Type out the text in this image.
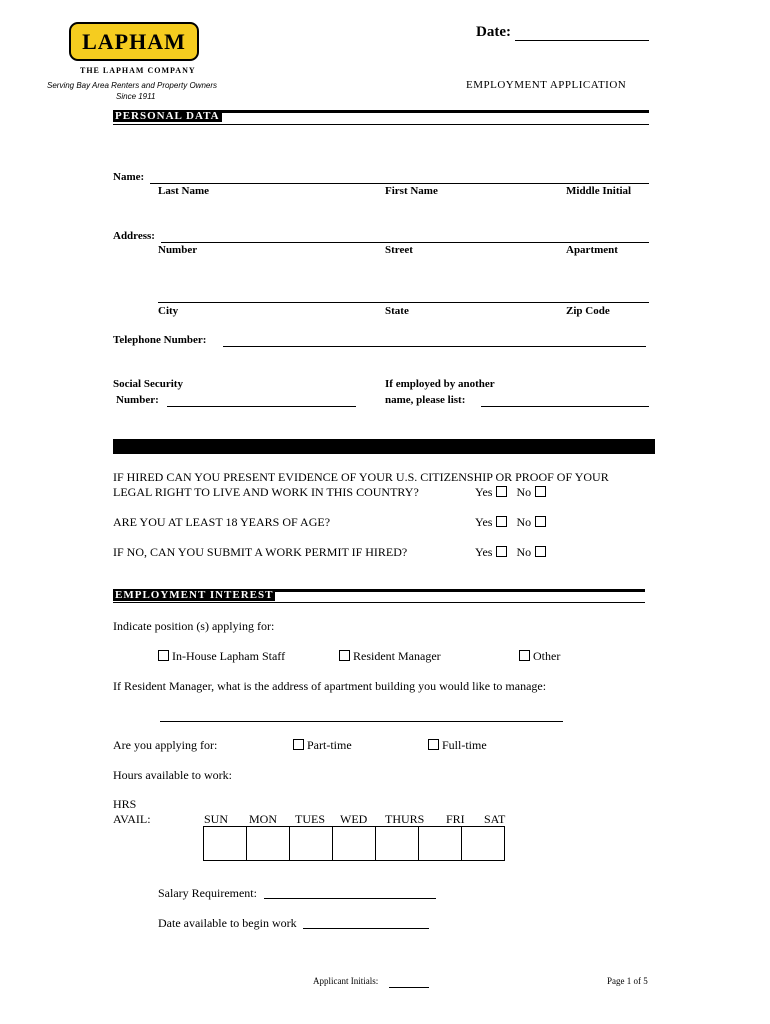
LAPHAM
THE LAPHAM COMPANY
Serving Bay Area Renters and Property Owners
Since 1911
Date:
EMPLOYMENT APPLICATION
PERSONAL DATA
Name:
Last Name	First Name	Middle Initial
Address:
Number	Street	Apartment
City	State	Zip Code
Telephone Number:
Social Security
Number:
If employed by another
name, please list:
IF HIRED CAN YOU PRESENT EVIDENCE OF YOUR U.S. CITIZENSHIP OR PROOF OF YOUR
LEGAL RIGHT TO LIVE AND WORK IN THIS COUNTRY?	Yes No
ARE YOU AT LEAST 18 YEARS OF AGE?	Yes No
IF NO, CAN YOU SUBMIT A WORK PERMIT IF HIRED?	Yes No
EMPLOYMENT INTEREST
Indicate position (s) applying for:
In-House Lapham Staff	Resident Manager	Other
If Resident Manager, what is the address of apartment building you would like to manage:
Are you applying for:	Part-time	Full-time
Hours available to work:
HRS
AVAIL:	SUN MON TUES WED THURS FRI SAT

Salary Requirement:
Date available to begin work
Applicant Initials:	Page 1 of 5
